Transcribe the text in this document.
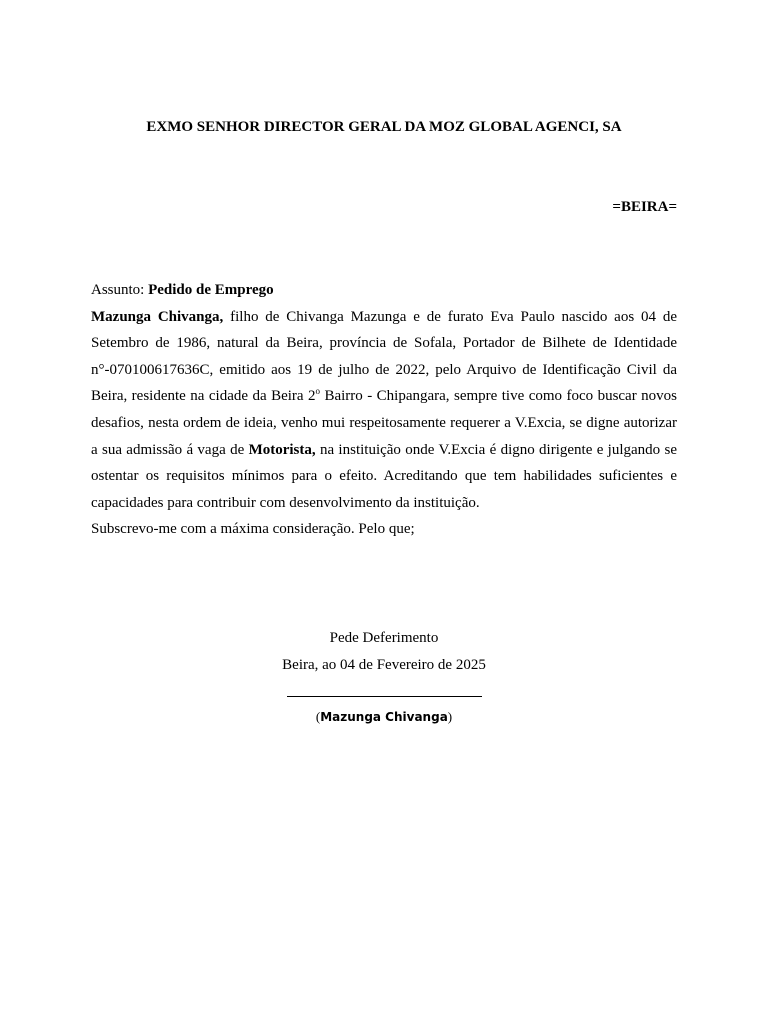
EXMO SENHOR DIRECTOR GERAL DA MOZ GLOBAL AGENCI, SA
=BEIRA=

Assunto: Pedido de Emprego

Mazunga Chivanga, filho de Chivanga Mazunga e de furato Eva Paulo nascido aos 04 de Setembro de 1986, natural da Beira, província de Sofala, Portador de Bilhete de Identidade n°-070100617636C, emitido aos 19 de julho de 2022, pelo Arquivo de Identificação Civil da Beira, residente na cidade da Beira 2$^o$ Bairro - Chipangara, sempre tive como foco buscar novos desafios, nesta ordem de ideia, venho mui respeitosamente requerer a V.Excia, se digne autorizar a sua admissão á vaga de Motorista, na instituição onde V.Excia é digno dirigente e julgando se ostentar os requisitos mínimos para o efeito. Acreditando que tem habilidades suficientes e capacidades para contribuir com desenvolvimento da instituição.

Subscrevo-me com a máxima consideração. Pelo que;

Pede Deferimento
Beira, ao 04 de Fevereiro de 2025
(Mazunga Chivanga)
